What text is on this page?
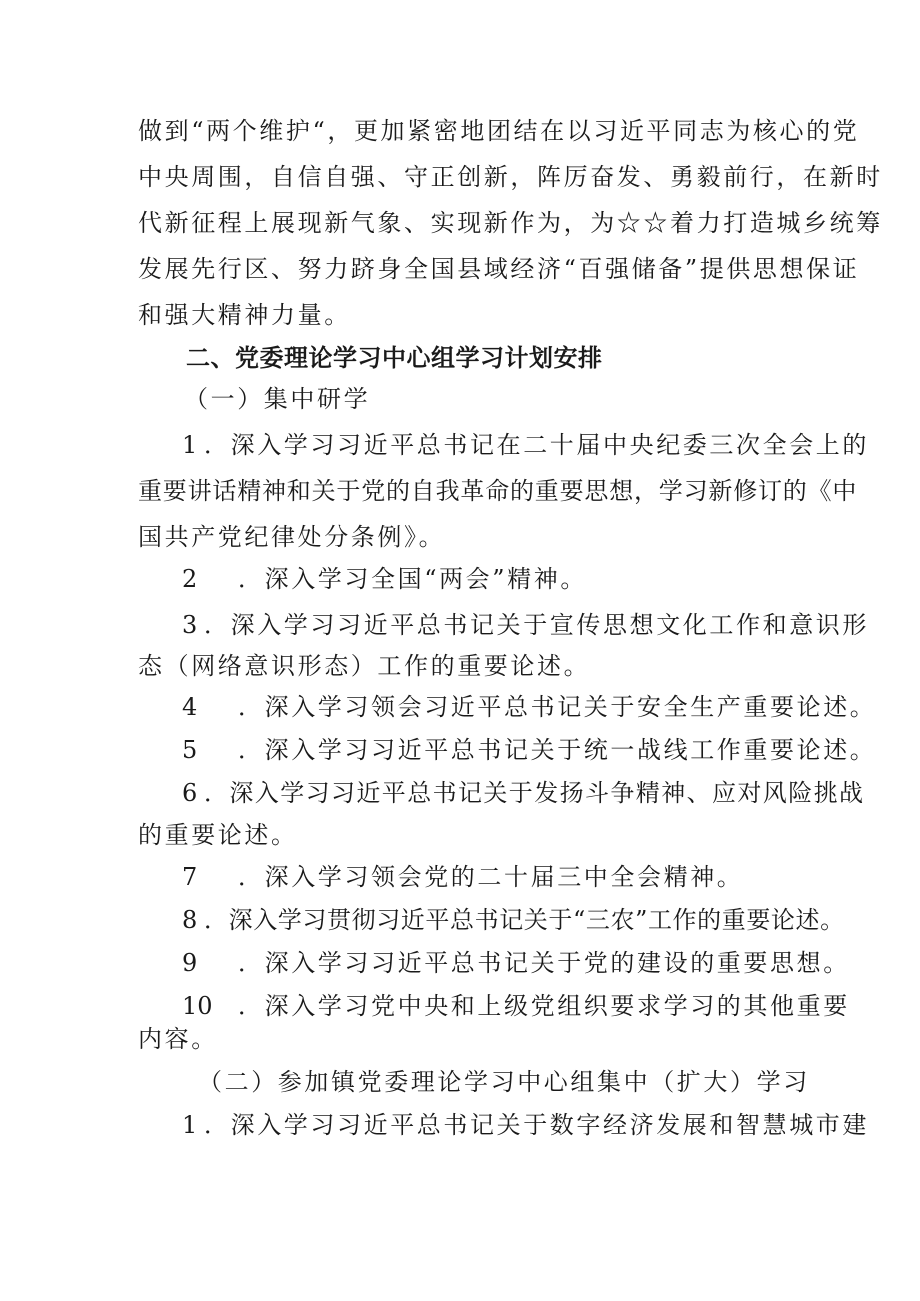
做到“两个维护“，更加紧密地团结在以习近平同志为核心的党
中央周围，自信自强、守正创新，阵厉奋发、勇毅前行，在新时
代新征程上展现新气象、实现新作为，为☆☆着力打造城乡统筹
发展先行区、努力跻身全国县域经济“百强储备”提供思想保证
和强大精神力量。
二、党委理论学习中心组学习计划安排
（一）集中研学
1 ．深入学习习近平总书记在二十届中央纪委三次全会上的
重要讲话精神和关于党的自我革命的重要思想，学习新修订的《中
国共产党纪律处分条例》。
2 ．深入学习全国“两会”精神。
3 ．深入学习习近平总书记关于宣传思想文化工作和意识形
态（网络意识形态）工作的重要论述。
4 ．深入学习领会习近平总书记关于安全生产重要论述。
5 ．深入学习习近平总书记关于统一战线工作重要论述。
6 ．深入学习习近平总书记关于发扬斗争精神、应对风险挑战
的重要论述。
7 ．深入学习领会党的二十届三中全会精神。
8 ．深入学习贯彻习近平总书记关于“三农”工作的重要论述。
9 ．深入学习习近平总书记关于党的建设的重要思想。
10 ．深入学习党中央和上级党组织要求学习的其他重要
内容。
（二）参加镇党委理论学习中心组集中（扩大）学习
1 ．深入学习习近平总书记关于数字经济发展和智慧城市建
